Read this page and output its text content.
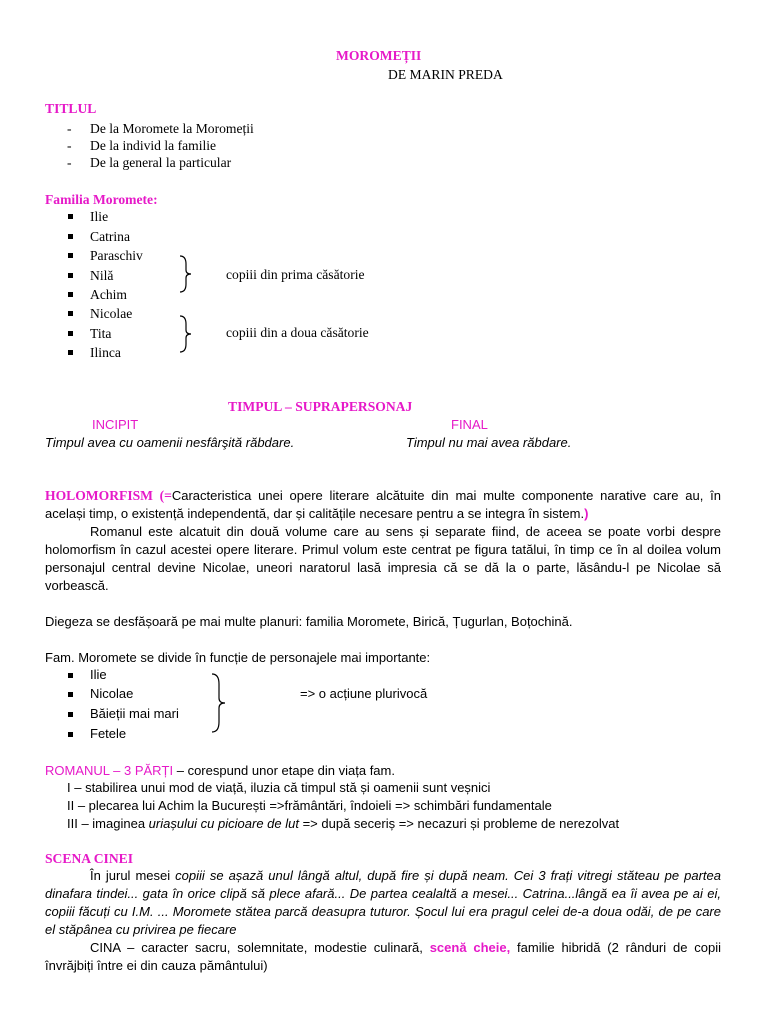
MOROMEȚII
DE MARIN PREDA
TITLUL
- De la Moromete la Moromeții
- De la individ la familie
- De la general la particular
Familia Moromete:
Ilie
Catrina
Paraschiv
Nilă
Achim
Nicolae
Tita
Ilinca
copiii din prima căsătorie
copiii din a doua căsătorie
TIMPUL – SUPRAPERSONAJ
INCIPIT	FINAL
Timpul avea cu oamenii nesfârşită răbdare.	Timpul nu mai avea răbdare.
HOLOMORFISM (=Caracteristica unei opere literare alcătuite din mai multe componente narative care au, în același timp, o existență independentă, dar și calitățile necesare pentru a se integra în sistem.)
Romanul este alcatuit din două volume care au sens și separate fiind, de aceea se poate vorbi despre holomorfism în cazul acestei opere literare. Primul volum este centrat pe figura tatălui, în timp ce în al doilea volum personajul central devine Nicolae, uneori naratorul lasă impresia că se dă la o parte, lăsându-l pe Nicolae să vorbească.
Diegeza se desfășoară pe mai multe planuri: familia Moromete, Birică, Țugurlan, Boțochină.
Fam. Moromete se divide în funcție de personajele mai importante:
Ilie
Nicolae
Băieții mai mari
Fetele
=> o acțiune plurivocă
ROMANUL – 3 PĂRȚI – corespund unor etape din viața fam.
I – stabilirea unui mod de viață, iluzia că timpul stă și oamenii sunt veșnici
II – plecarea lui Achim la București =>frământări, îndoieli => schimbări fundamentale
III – imaginea uriașului cu picioare de lut => după seceriș => necazuri și probleme de nerezolvat
SCENA CINEI
În jurul mesei copiii se așază unul lângă altul, după fire și după neam. Cei 3 frați vitregi stăteau pe partea dinafara tindei... gata în orice clipă să plece afară... De partea cealaltă a mesei... Catrina...lângă ea îi avea pe ai ei, copiii făcuți cu I.M. ... Moromete stătea parcă deasupra tuturor. Șocul lui era pragul celei de-a doua odăi, de pe care el stăpânea cu privirea pe fiecare
CINA – caracter sacru, solemnitate, modestie culinară, scenă cheie, familie hibridă (2 rânduri de copii învrăjbiți între ei din cauza pământului)
